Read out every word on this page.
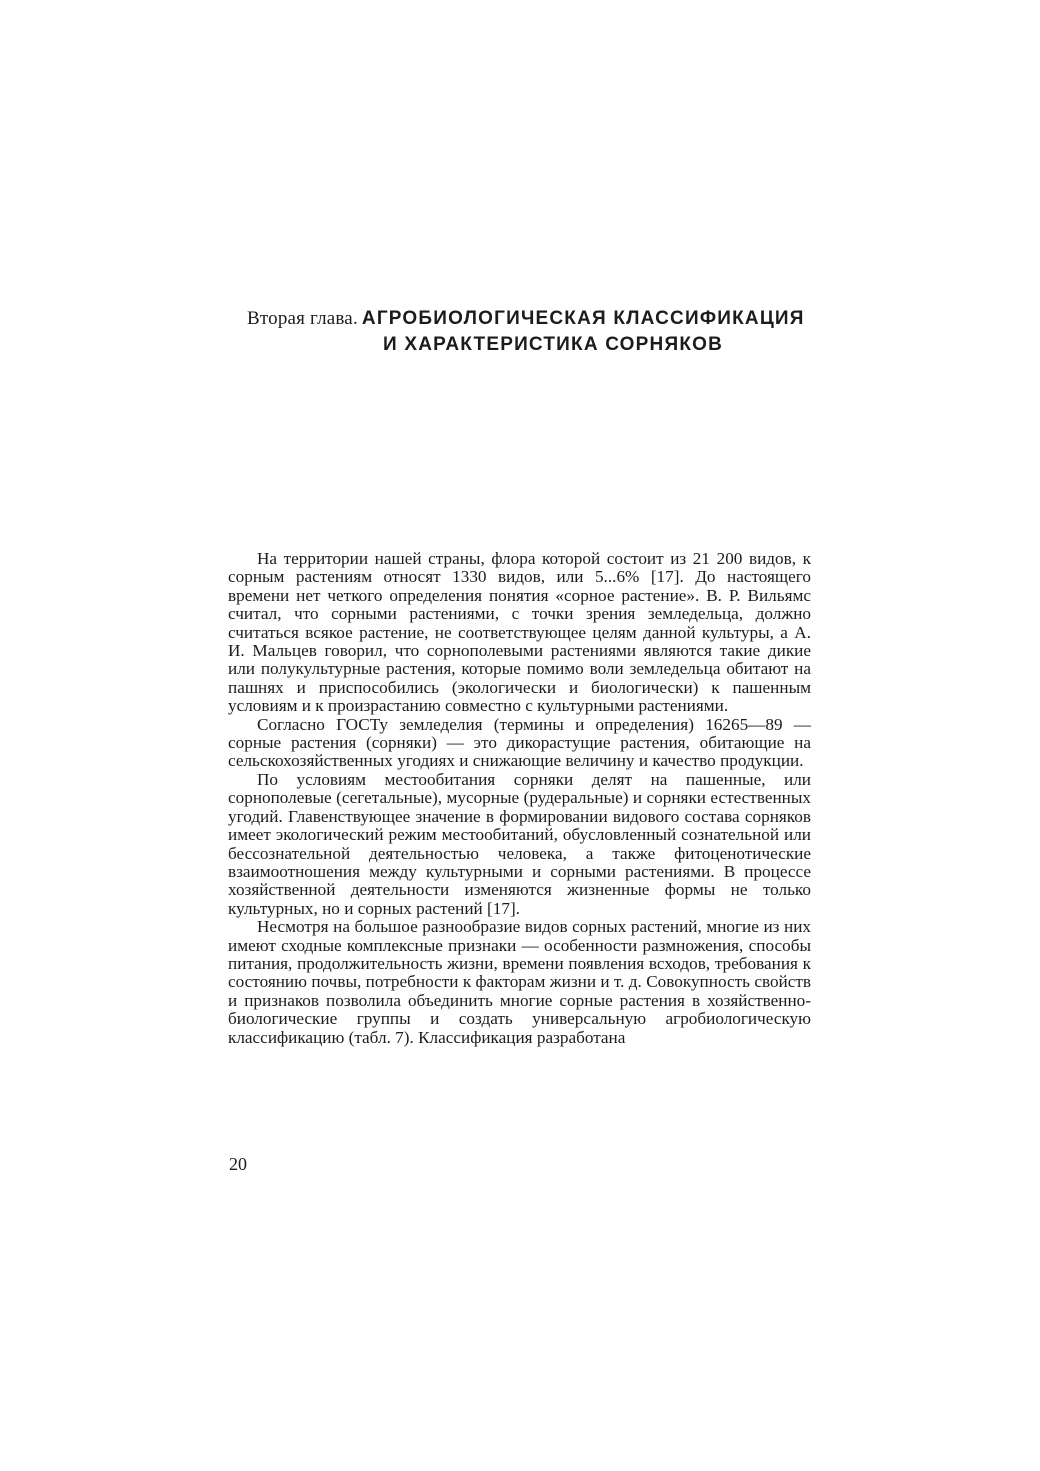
Вторая глава. АГРОБИОЛОГИЧЕСКАЯ КЛАССИФИКАЦИЯ
И ХАРАКТЕРИСТИКА СОРНЯКОВ

На территории нашей страны, флора которой состоит из 21 200 видов, к сорным растениям относят 1330 видов, или 5...6% [17]. До настоящего времени нет четкого определения понятия «сорное растение». В. Р. Вильямс считал, что сорными растениями, с точки зрения земледельца, должно считаться всякое растение, не соответствующее целям данной культуры, а А. И. Мальцев говорил, что сорнополевыми растениями являются такие дикие или полукультурные растения, которые помимо воли земледельца обитают на пашнях и приспособились (экологически и биологически) к пашенным условиям и к произрастанию совместно с культурными растениями.

Согласно ГОСТу земледелия (термины и определения) 16265—89 — сорные растения (сорняки) — это дикорастущие растения, обитающие на сельскохозяйственных угодиях и снижающие величину и качество продукции.

По условиям местообитания сорняки делят на пашенные, или сорнополевые (сегетальные), мусорные (рудеральные) и сорняки естественных угодий. Главенствующее значение в формировании видового состава сорняков имеет экологический режим местообитаний, обусловленный сознательной или бессознательной деятельностью человека, а также фитоценотические взаимоотношения между культурными и сорными растениями. В процессе хозяйственной деятельности изменяются жизненные формы не только культурных, но и сорных растений [17].

Несмотря на большое разнообразие видов сорных растений, многие из них имеют сходные комплексные признаки — особенности размножения, способы питания, продолжительность жизни, времени появления всходов, требования к состоянию почвы, потребности к факторам жизни и т. д. Совокупность свойств и признаков позволила объединить многие сорные растения в хозяйственно-биологические группы и создать универсальную агробиологическую классификацию (табл. 7). Классификация разработана

20
